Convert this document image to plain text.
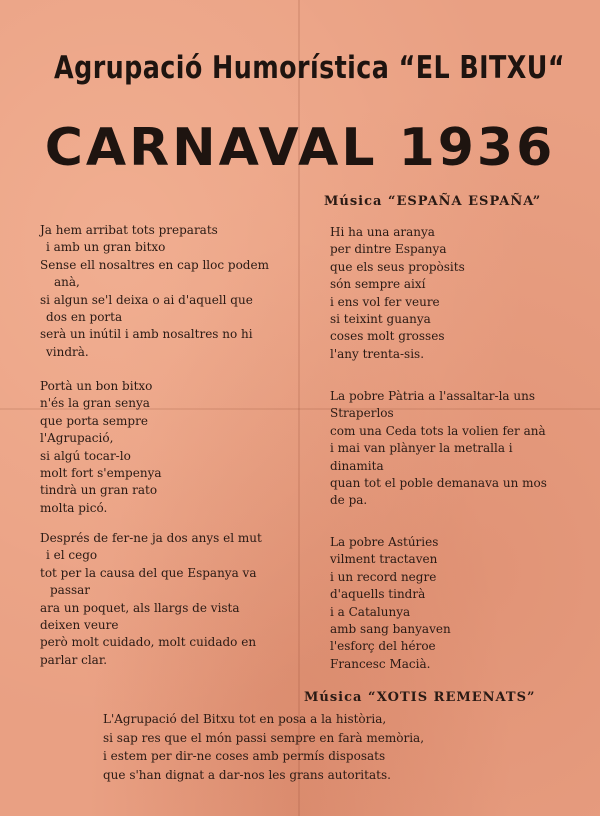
Agrupació Humorística “EL BITXU“
CARNAVAL 1936
Música “ESPAÑA ESPAÑA”
Ja hem arribat tots preparats
i amb un gran bitxo
Sense ell nosaltres en cap lloc podem
anà,
si algun se'l deixa o ai d'aquell que
dos en porta
serà un inútil i amb nosaltres no hi
vindrà.
Portà un bon bitxo
n'és la gran senya
que porta sempre
l'Agrupació,
si algú tocar-lo
molt fort s'empenya
tindrà un gran rato
molta picó.
Després de fer-ne ja dos anys el mut
i el cego
tot per la causa del que Espanya va
passar
ara un poquet, als llargs de vista
deixen veure
però molt cuidado, molt cuidado en
parlar clar.
Hi ha una aranya
per dintre Espanya
que els seus propòsits
són sempre així
i ens vol fer veure
si teixint guanya
coses molt grosses
l'any trenta-sis.
La pobre Pàtria a l'assaltar-la uns
Straperlos
com una Ceda tots la volien fer anà
i mai van plànyer la metralla i
dinamita
quan tot el poble demanava un mos
de pa.
La pobre Astúries
vilment tractaven
i un record negre
d'aquells tindrà
i a Catalunya
amb sang banyaven
l'esforç del héroe
Francesc Macià.
Música “XOTIS REMENATS”
L'Agrupació del Bitxu tot en posa a la història,
si sap res que el món passi sempre en farà memòria,
i estem per dir-ne coses amb permís disposats
que s'han dignat a dar-nos les grans autoritats.
